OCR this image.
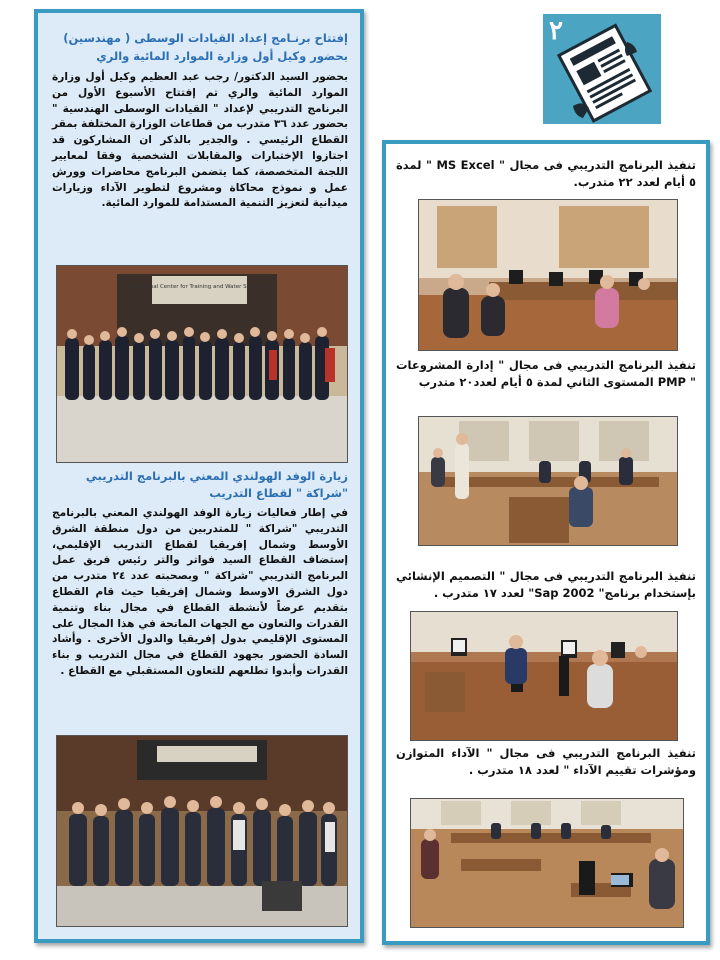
إفتتاح برنـامج إعداد القيادات الوسطى ( مهندسين)
بحضور وكيل أول وزارة الموارد المائية والري

بحضور السيد الدكتور/ رجب عبد العظيم وكيل أول وزارة الموارد المائية والري تم إفتتاح الأسبوع الأول من البرنامج التدريبي لإعداد " القيادات الوسطى الهندسية " بحضور عدد ٣٦ متدرب من قطاعات الوزارة المختلفة بمقر القطاع الرئيسي . والجدير بالذكر ان المشاركون قد اجتازوا الإختبارات والمقابلات الشخصية وفقا لمعايير اللجنة المتخصصة، كما يتضمن البرنامج محاضرات وورش عمل و نموذج محاكاة ومشروع لتطوير الآداء وزيارات ميدانية لتعزيز التنمية المستدامة للموارد المائية.

Regional Center for Training and Water Studies
زيارة الوفد الهولندي المعني بالبرنامج التدريبي "شراكة " لقطاع التدريب

في إطار فعاليات زيارة الوفد الهولندي المعني بالبرنامج التدريبي "شراكة " للمتدربين من دول منطقة الشرق الأوسط وشمال إفريقيا لقطاع التدريب الإقليمي، إستضاف القطاع السيد فواتر والتر رئيس فريق عمل البرنامج التدريبي "شراكة " وبصحبته عدد ٢٤ متدرب من دول الشرق الاوسط وشمال إفريقيا حيث قام القطاع بتقديم عرضاً لأنشطة القطاع في مجال بناء وتنمية القدرات والتعاون مع الجهات المانحة في هذا المجال على المستوى الإقليمي بدول إفريقيا والدول الأخرى . وأشاد السادة الحضور بجهود القطاع في مجال التدريب و بناء القدرات وأبدوا تطلعهم للتعاون المستقبلي مع القطاع .

٢

تنفيذ البرنامج التدريبي فى مجال " MS Excel " لمدة ٥ أيام لعدد ٢٢ متدرب.

تنفيذ البرنامج التدريبي فى مجال " إدارة المشروعات " PMP المستوى الثاني لمدة ٥ أيام لعدد٢٠ متدرب

تنفيذ البرنامج التدريبي فى مجال " التصميم الإنشائي بإستخدام برنامج" Sap 2002" لعدد ١٧ متدرب .

تنفيذ البرنامج التدريبي فى مجال " الآداء المتوازن ومؤشرات تقييم الآداء " لعدد ١٨ متدرب .
